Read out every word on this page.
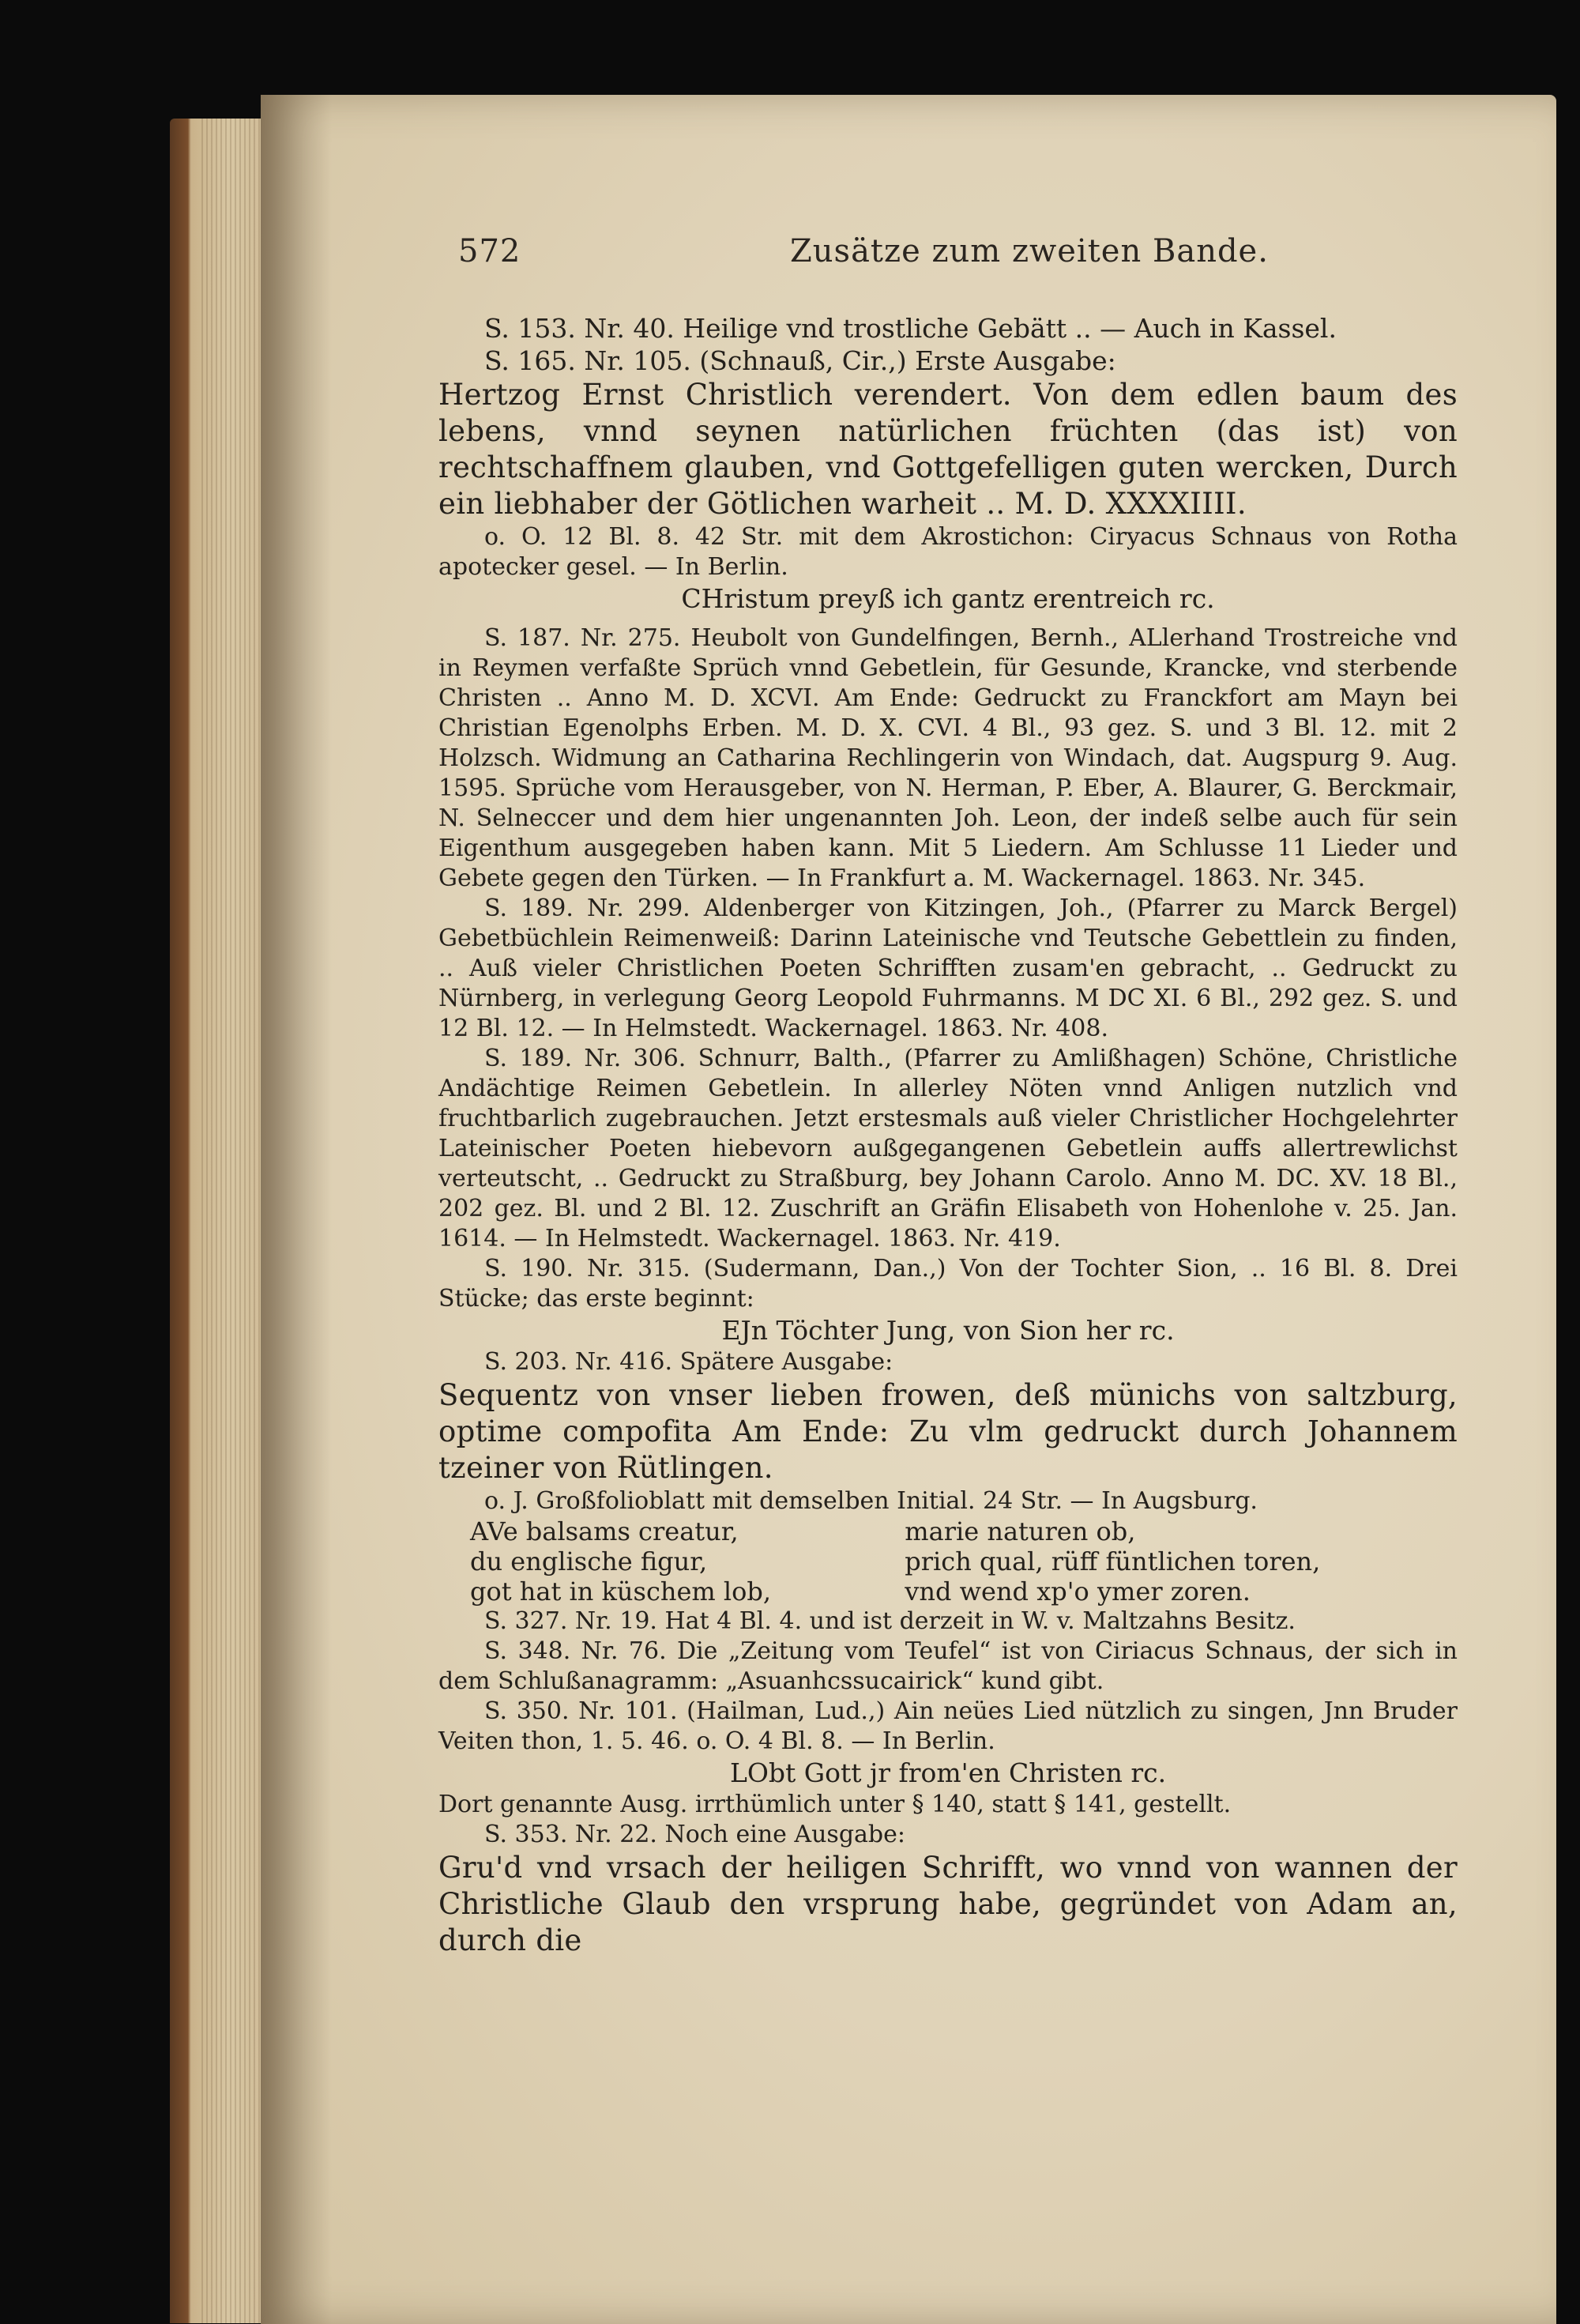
572	Zusätze zum zweiten Bande.

S. 153. Nr. 40. Heilige vnd trostliche Gebätt .. — Auch in Kassel.

S. 165. Nr. 105. (Schnauß, Cir.,) Erste Ausgabe:

Hertzog Ernst Christlich verendert. Von dem edlen baum des lebens, vnnd seynen natürlichen früchten (das ist) von rechtschaffnem glauben, vnd Gottgefelligen guten wercken, Durch ein liebhaber der Götlichen warheit .. M. D. XXXXIIII.

o. O. 12 Bl. 8. 42 Str. mit dem Akrostichon: Ciryacus Schnaus von Rotha apotecker gesel. — In Berlin.

CHristum preyß ich gantz erentreich rc.

S. 187. Nr. 275. Heubolt von Gundelfingen, Bernh., ALlerhand Trostreiche vnd in Reymen verfaßte Sprüch vnnd Gebetlein, für Gesunde, Krancke, vnd sterbende Christen .. Anno M. D. XCVI. Am Ende: Gedruckt zu Franckfort am Mayn bei Christian Egenolphs Erben. M. D. X. CVI. 4 Bl., 93 gez. S. und 3 Bl. 12. mit 2 Holzsch. Widmung an Catharina Rechlingerin von Windach, dat. Augspurg 9. Aug. 1595. Sprüche vom Herausgeber, von N. Herman, P. Eber, A. Blaurer, G. Berckmair, N. Selneccer und dem hier ungenannten Joh. Leon, der indeß selbe auch für sein Eigenthum ausgegeben haben kann. Mit 5 Liedern. Am Schlusse 11 Lieder und Gebete gegen den Türken. — In Frankfurt a. M. Wackernagel. 1863. Nr. 345.

S. 189. Nr. 299. Aldenberger von Kitzingen, Joh., (Pfarrer zu Marck Bergel) Gebetbüchlein Reimenweiß: Darinn Lateinische vnd Teutsche Gebettlein zu finden, .. Auß vieler Christlichen Poeten Schrifften zusam'en gebracht, .. Gedruckt zu Nürnberg, in verlegung Georg Leopold Fuhrmanns. M DC XI. 6 Bl., 292 gez. S. und 12 Bl. 12. — In Helmstedt. Wackernagel. 1863. Nr. 408.

S. 189. Nr. 306. Schnurr, Balth., (Pfarrer zu Amlißhagen) Schöne, Christliche Andächtige Reimen Gebetlein. In allerley Nöten vnnd Anligen nutzlich vnd fruchtbarlich zugebrauchen. Jetzt erstesmals auß vieler Christlicher Hochgelehrter Lateinischer Poeten hiebevorn außgegangenen Gebetlein auffs allertrewlichst verteutscht, .. Gedruckt zu Straßburg, bey Johann Carolo. Anno M. DC. XV. 18 Bl., 202 gez. Bl. und 2 Bl. 12. Zuschrift an Gräfin Elisabeth von Hohenlohe v. 25. Jan. 1614. — In Helmstedt. Wackernagel. 1863. Nr. 419.

S. 190. Nr. 315. (Sudermann, Dan.,) Von der Tochter Sion, .. 16 Bl. 8. Drei Stücke; das erste beginnt:

EJn Töchter Jung, von Sion her rc.

S. 203. Nr. 416. Spätere Ausgabe:

Sequentz von vnser lieben frowen, deß münichs von saltzburg, optime compofita Am Ende: Zu vlm gedruckt durch Johannem tzeiner von Rütlingen.

o. J. Großfolioblatt mit demselben Initial. 24 Str. — In Augsburg.

AVe balsams creatur,	marie naturen ob,
du englische figur,	prich qual, rüff füntlichen toren,
got hat in küschem lob,	vnd wend xp'o ymer zoren.

S. 327. Nr. 19. Hat 4 Bl. 4. und ist derzeit in W. v. Maltzahns Besitz.

S. 348. Nr. 76. Die „Zeitung vom Teufel“ ist von Ciriacus Schnaus, der sich in dem Schlußanagramm: „Asuanhcssucairick“ kund gibt.

S. 350. Nr. 101. (Hailman, Lud.,) Ain neües Lied nützlich zu singen, Jnn Bruder Veiten thon, 1. 5. 46. o. O. 4 Bl. 8. — In Berlin.

LObt Gott jr from'en Christen rc.

Dort genannte Ausg. irrthümlich unter § 140, statt § 141, gestellt.

S. 353. Nr. 22. Noch eine Ausgabe:

Gru'd vnd vrsach der heiligen Schrifft, wo vnnd von wannen der Christliche Glaub den vrsprung habe, gegründet von Adam an, durch die
